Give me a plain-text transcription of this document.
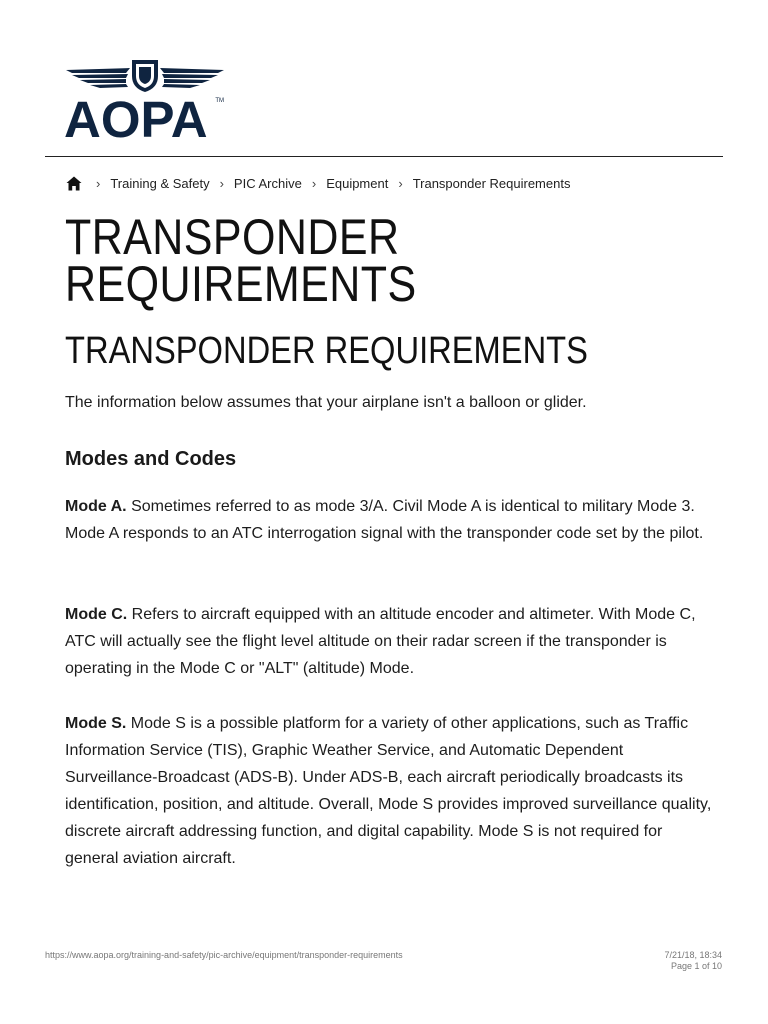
AOPA TM
› Training & Safety › PIC Archive › Equipment › Transponder Requirements
TRANSPONDER REQUIREMENTS
TRANSPONDER REQUIREMENTS

The information below assumes that your airplane isn't a balloon or glider.

Modes and Codes

Mode A. Sometimes referred to as mode 3/A. Civil Mode A is identical to military Mode 3. Mode A responds to an ATC interrogation signal with the transponder code set by the pilot.

Mode C. Refers to aircraft equipped with an altitude encoder and altimeter. With Mode C, ATC will actually see the flight level altitude on their radar screen if the transponder is operating in the Mode C or "ALT" (altitude) Mode.

Mode S. Mode S is a possible platform for a variety of other applications, such as Traffic Information Service (TIS), Graphic Weather Service, and Automatic Dependent Surveillance-Broadcast (ADS-B). Under ADS-B, each aircraft periodically broadcasts its identification, position, and altitude. Overall, Mode S provides improved surveillance quality, discrete aircraft addressing function, and digital capability. Mode S is not required for general aviation aircraft.

https://www.aopa.org/training-and-safety/pic-archive/equipment/transponder-requirements	7/21/18, 18:34
Page 1 of 10
